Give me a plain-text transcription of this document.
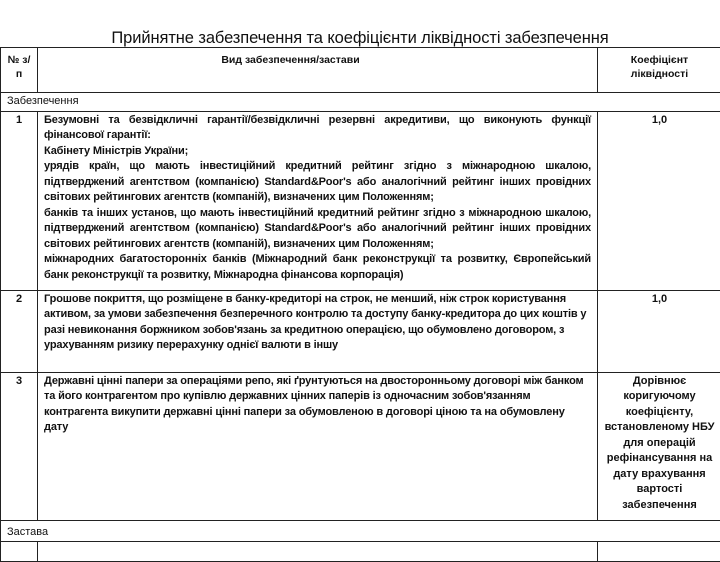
Прийнятне забезпечення та коефіцієнти ліквідності забезпечення
№ з/п	Вид забезпечення/застави	Коефіцієнт ліквідності
Забезпечення		
1	Безумовні та безвідкличні гарантії/безвідкличні резервні акредитиви, що виконують функції фінансової гарантії:
Кабінету Міністрів України;
урядів країн, що мають інвестиційний кредитний рейтинг згідно з міжнародною шкалою, підтверджений агентством (компанією) Standard&Poor's або аналогічний рейтинг інших провідних світових рейтингових агентств (компаній), визначених цим Положенням;
банків та інших установ, що мають інвестиційний кредитний рейтинг згідно з міжнародною шкалою, підтверджений агентством (компанією) Standard&Poor's або аналогічний рейтинг інших провідних світових рейтингових агентств (компаній), визначених цим Положенням;
міжнародних багатосторонніх банків (Міжнародний банк реконструкції та розвитку, Європейський банк реконструкції та розвитку, Міжнародна фінансова корпорація)	1,0
2	Грошове покриття, що розміщене в банку-кредиторі на строк, не менший, ніж строк користування активом, за умови забезпечення безперечного контролю та доступу банку-кредитора до цих коштів у разі невиконання боржником зобов'язань за кредитною операцією, що обумовлено договором, з урахуванням ризику перерахунку однієї валюти в іншу	1,0
3	Державні цінні папери за операціями репо, які ґрунтуються на двосторонньому договорі між банком та його контрагентом про купівлю державних цінних паперів із одночасним зобов'язанням контрагента викупити державні цінні папери за обумовленою в договорі ціною та на обумовлену дату	Дорівнює коригуючому коефіцієнту, встановленому НБУ для операцій рефінансування на дату врахування вартості забезпечення
Застава		
